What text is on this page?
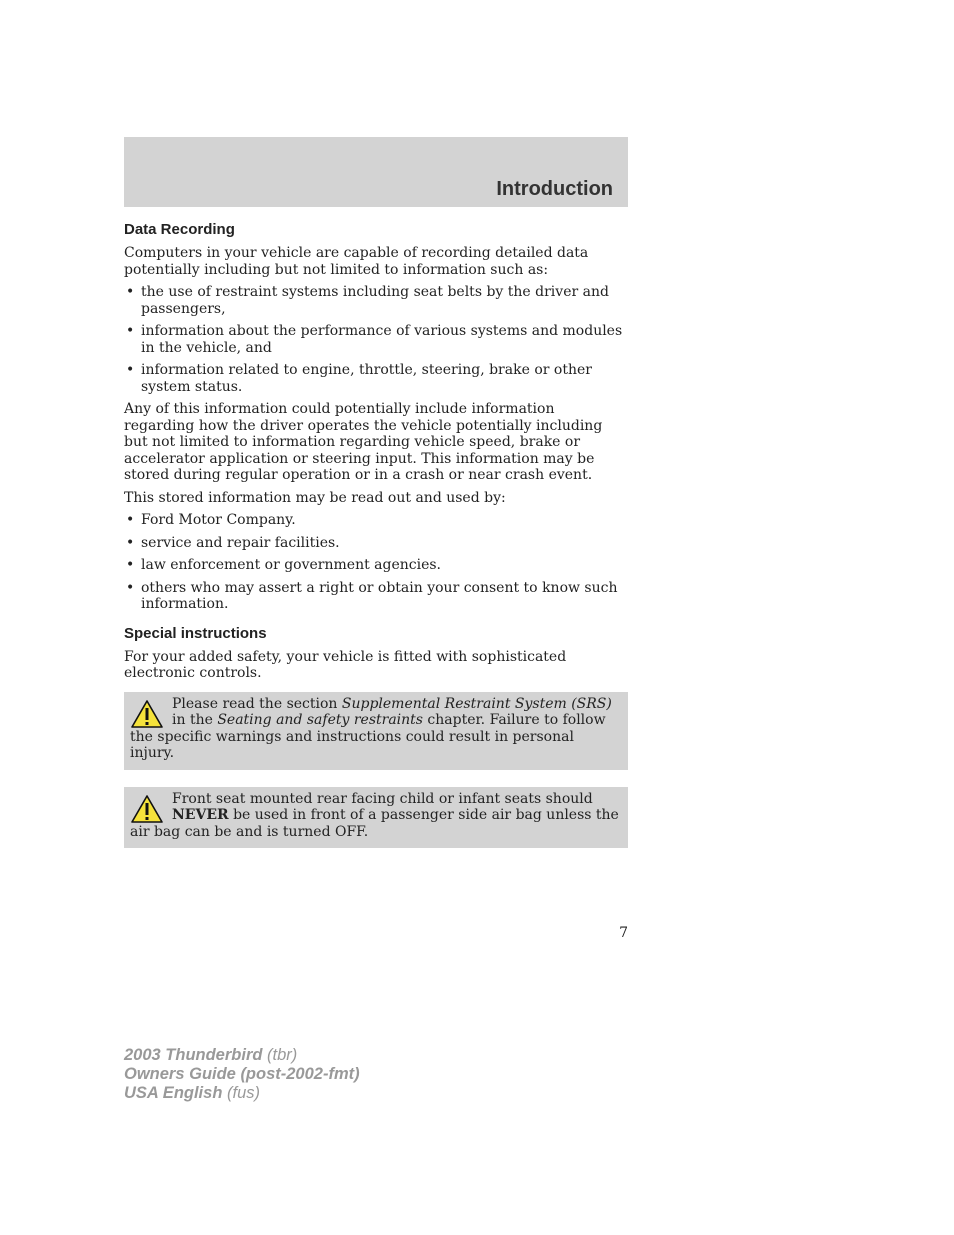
Introduction
Data Recording

Computers in your vehicle are capable of recording detailed data potentially including but not limited to information such as:

• the use of restraint systems including seat belts by the driver and passengers,
• information about the performance of various systems and modules in the vehicle, and
• information related to engine, throttle, steering, brake or other system status.

Any of this information could potentially include information regarding how the driver operates the vehicle potentially including but not limited to information regarding vehicle speed, brake or accelerator application or steering input. This information may be stored during regular operation or in a crash or near crash event.

This stored information may be read out and used by:

• Ford Motor Company.
• service and repair facilities.
• law enforcement or government agencies.
• others who may assert a right or obtain your consent to know such information.
Special instructions

For your added safety, your vehicle is fitted with sophisticated electronic controls.

Please read the section Supplemental Restraint System (SRS) in the Seating and safety restraints chapter. Failure to follow the specific warnings and instructions could result in personal injury.
Front seat mounted rear facing child or infant seats should NEVER be used in front of a passenger side air bag unless the air bag can be and is turned OFF.
7
2003 Thunderbird (tbr)
Owners Guide (post-2002-fmt)
USA English (fus)
